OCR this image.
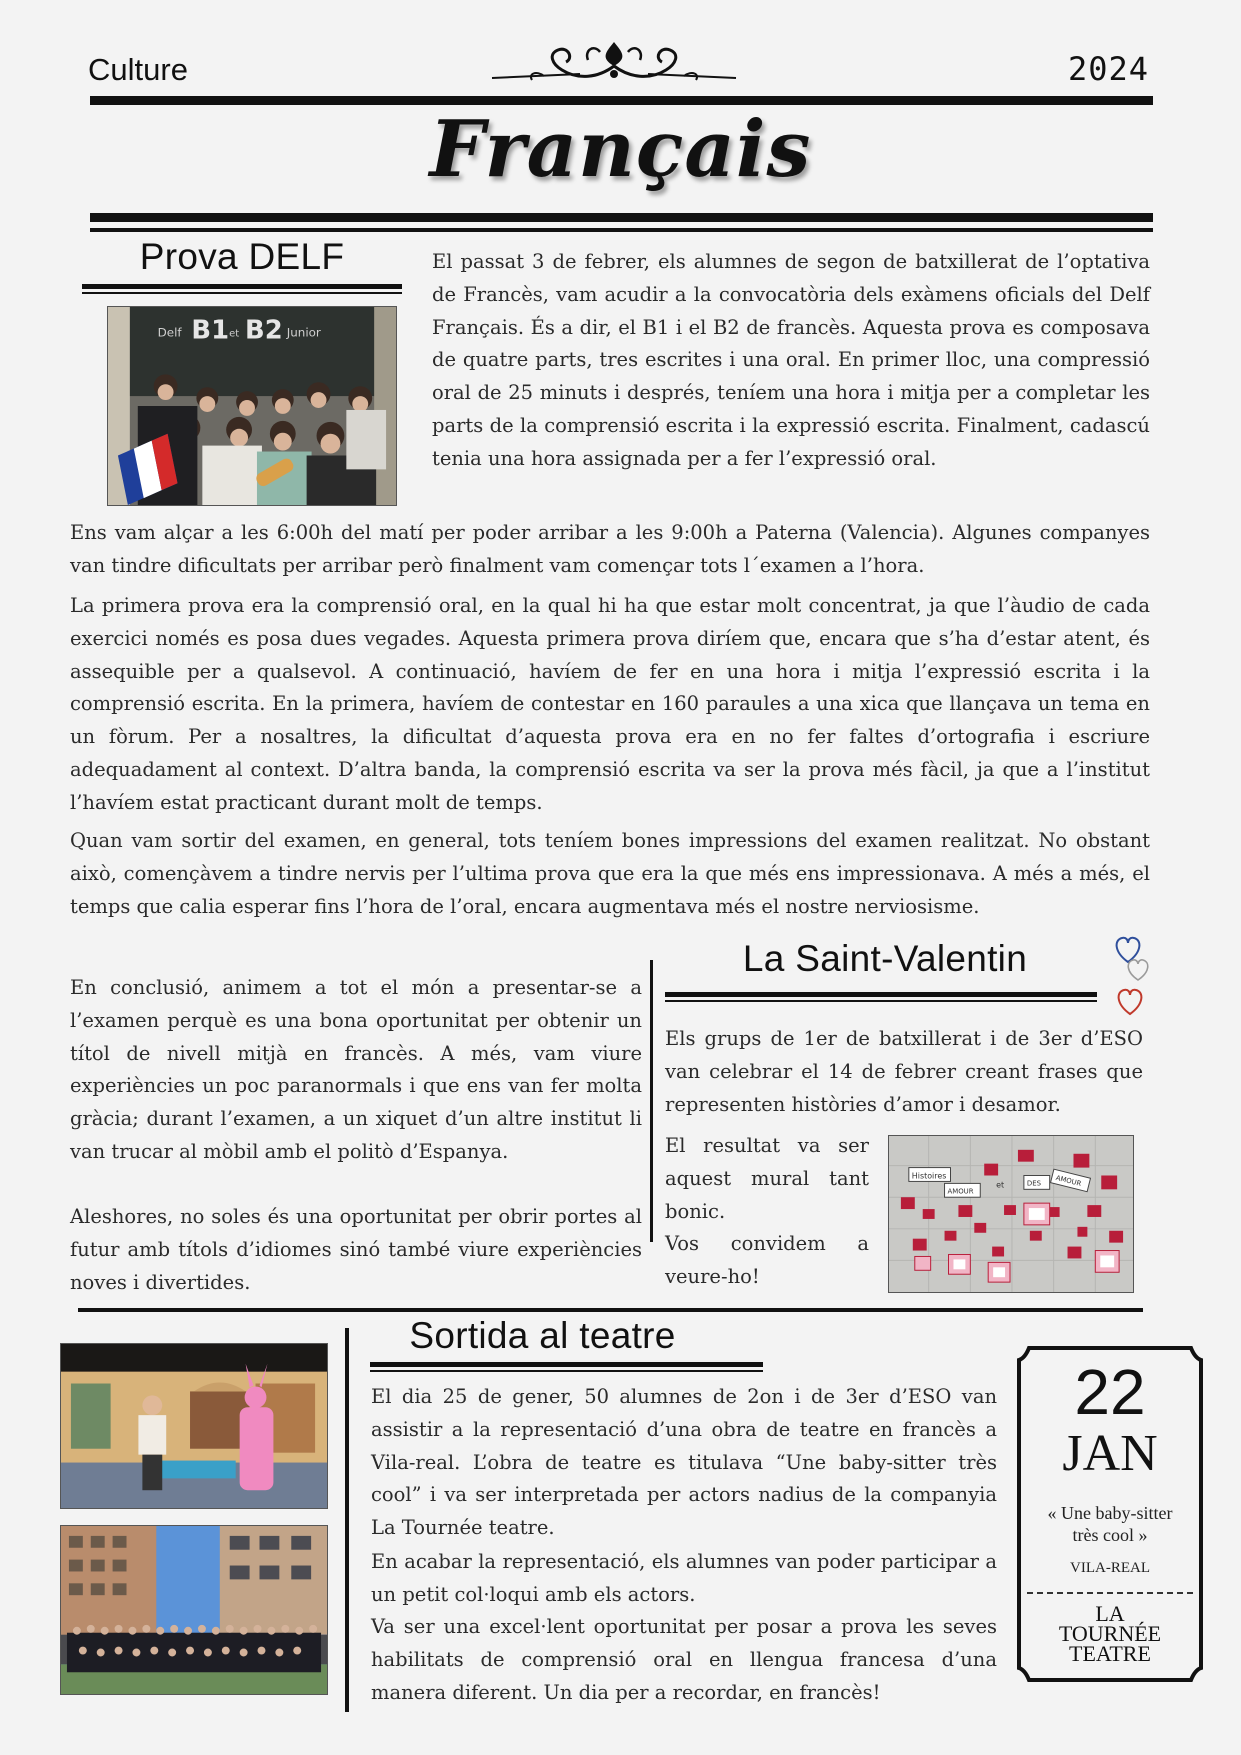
Culture	2024
Français
Prova DELF
Delf B1 et B2 Junior
El passat 3 de febrer, els alumnes de segon de batxillerat de l’optativa de Francès, vam acudir a la convocatòria dels exàmens oficials del Delf Français. És a dir, el B1 i el B2 de francès. Aquesta prova es composava de quatre parts, tres escrites i una oral. En primer lloc, una compressió oral de 25 minuts i després, teníem una hora i mitja per a completar les parts de la comprensió escrita i la expressió escrita. Finalment, cadascú tenia una hora assignada per a fer l’expressió oral.
Ens vam alçar a les 6:00h del matí per poder arribar a les 9:00h a Paterna (Valencia). Algunes companyes van tindre dificultats per arribar però finalment vam començar tots l´examen a l’hora.
La primera prova era la comprensió oral, en la qual hi ha que estar molt concentrat, ja que l’àudio de cada exercici només es posa dues vegades. Aquesta primera prova diríem que, encara que s’ha d’estar atent, és assequible per a qualsevol. A continuació, havíem de fer en una hora i mitja l’expressió escrita i la comprensió escrita. En la primera, havíem de contestar en 160 paraules a una xica que llançava un tema en un fòrum. Per a nosaltres, la dificultat d’aquesta prova era en no fer faltes d’ortografia i escriure adequadament al context. D’altra banda, la comprensió escrita va ser la prova més fàcil, ja que a l’institut l’havíem estat practicant durant molt de temps.
Quan vam sortir del examen, en general, tots teníem bones impressions del examen realitzat. No obstant això, començàvem a tindre nervis per l’ultima prova que era la que més ens impressionava. A més a més, el temps que calia esperar fins l’hora de l’oral, encara augmentava més el nostre nerviosisme.
En conclusió, animem a tot el món a presentar-se a l’examen perquè es una bona oportunitat per obtenir un títol de nivell mitjà en francès. A més, vam viure experiències un poc paranormals i que ens van fer molta gràcia; durant l’examen, a un xiquet d’un altre institut li van trucar al mòbil amb el politò d’Espanya.
Aleshores, no soles és una oportunitat per obrir portes al futur amb títols d’idiomes sinó també viure experiències noves i divertides.
La Saint-Valentin
Els grups de 1er de batxillerat i de 3er d’ESO van celebrar el 14 de febrer creant frases que representen històries d’amor i desamor.
El resultat va ser aquest mural tant bonic.
Vos convidem a veure-ho!
Histoires
AMOUR
et	DES AMOUR
Sortida al teatre
El dia 25 de gener, 50 alumnes de 2on i de 3er d’ESO van assistir a la representació d’una obra de teatre en francès a Vila-real. L’obra de teatre es titulava “Une baby-sitter très cool” i va ser interpretada per actors nadius de la companyia La Tournée teatre.
En acabar la representació, els alumnes van poder participar a un petit col·loqui amb els actors.
Va ser una excel·lent oportunitat per posar a prova les seves habilitats de comprensió oral en llengua francesa d’una manera diferent. Un dia per a recordar, en francès!
22
JAN
« Une baby-sitter
très cool »
VILA-REAL
LA
TOURNÉE
TEATRE
